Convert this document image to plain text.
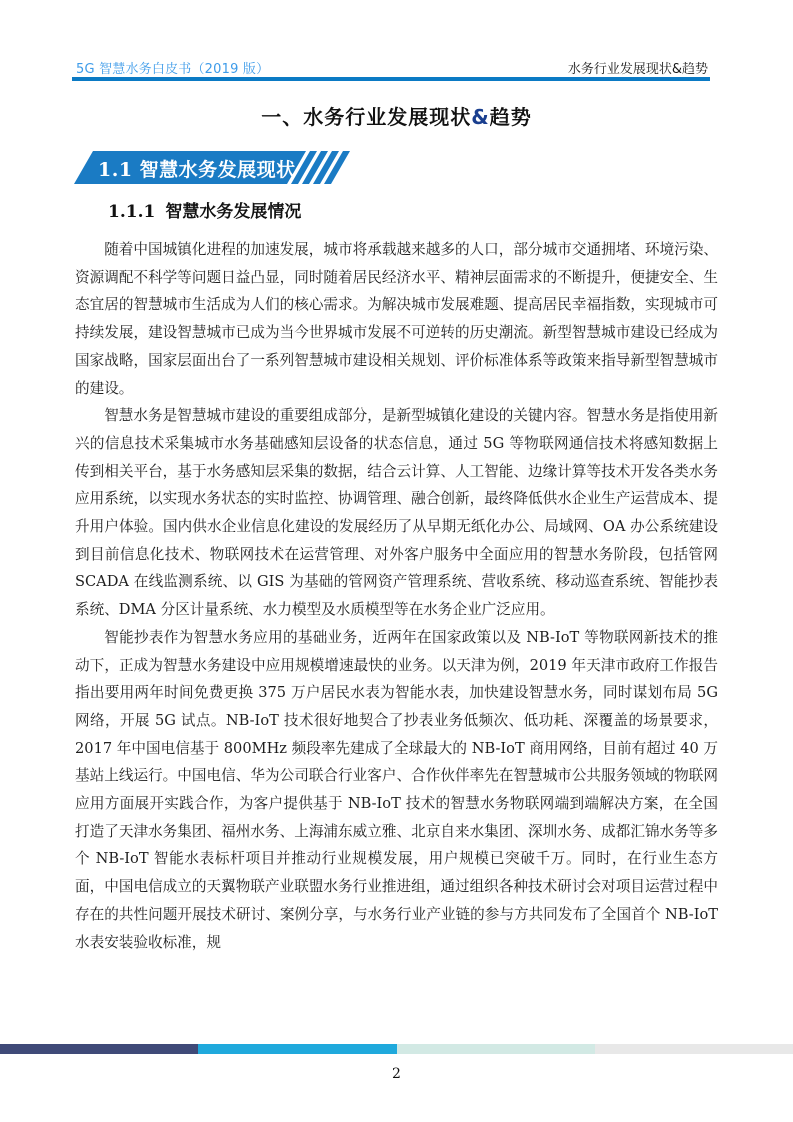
5G 智慧水务白皮书（2019 版）	水务行业发展现状&趋势
一、水务行业发展现状&趋势
1.1 智慧水务发展现状
1.1.1 智慧水务发展情况

随着中国城镇化进程的加速发展，城市将承载越来越多的人口，部分城市交通拥堵、环境污染、资源调配不科学等问题日益凸显，同时随着居民经济水平、精神层面需求的不断提升，便捷安全、生态宜居的智慧城市生活成为人们的核心需求。为解决城市发展难题、提高居民幸福指数，实现城市可持续发展，建设智慧城市已成为当今世界城市发展不可逆转的历史潮流。新型智慧城市建设已经成为国家战略，国家层面出台了一系列智慧城市建设相关规划、评价标准体系等政策来指导新型智慧城市的建设。

智慧水务是智慧城市建设的重要组成部分，是新型城镇化建设的关键内容。智慧水务是指使用新兴的信息技术采集城市水务基础感知层设备的状态信息，通过 5G 等物联网通信技术将感知数据上传到相关平台，基于水务感知层采集的数据，结合云计算、人工智能、边缘计算等技术开发各类水务应用系统，以实现水务状态的实时监控、协调管理、融合创新，最终降低供水企业生产运营成本、提升用户体验。国内供水企业信息化建设的发展经历了从早期无纸化办公、局域网、OA 办公系统建设到目前信息化技术、物联网技术在运营管理、对外客户服务中全面应用的智慧水务阶段，包括管网 SCADA 在线监测系统、以 GIS 为基础的管网资产管理系统、营收系统、移动巡查系统、智能抄表系统、DMA 分区计量系统、水力模型及水质模型等在水务企业广泛应用。

智能抄表作为智慧水务应用的基础业务，近两年在国家政策以及 NB-IoT 等物联网新技术的推动下，正成为智慧水务建设中应用规模增速最快的业务。以天津为例，2019 年天津市政府工作报告指出要用两年时间免费更换 375 万户居民水表为智能水表，加快建设智慧水务，同时谋划布局 5G 网络，开展 5G 试点。NB-IoT 技术很好地契合了抄表业务低频次、低功耗、深覆盖的场景要求， 2017 年中国电信基于 800MHz 频段率先建成了全球最大的 NB-IoT 商用网络，目前有超过 40 万基站上线运行。中国电信、华为公司联合行业客户、合作伙伴率先在智慧城市公共服务领域的物联网应用方面展开实践合作，为客户提供基于 NB-IoT 技术的智慧水务物联网端到端解决方案，在全国打造了天津水务集团、福州水务、上海浦东威立雅、北京自来水集团、深圳水务、成都汇锦水务等多个 NB-IoT 智能水表标杆项目并推动行业规模发展，用户规模已突破千万。同时，在行业生态方面，中国电信成立的天翼物联产业联盟水务行业推进组，通过组织各种技术研讨会对项目运营过程中存在的共性问题开展技术研讨、案例分享，与水务行业产业链的参与方共同发布了全国首个 NB-IoT 水表安装验收标准，规

2
